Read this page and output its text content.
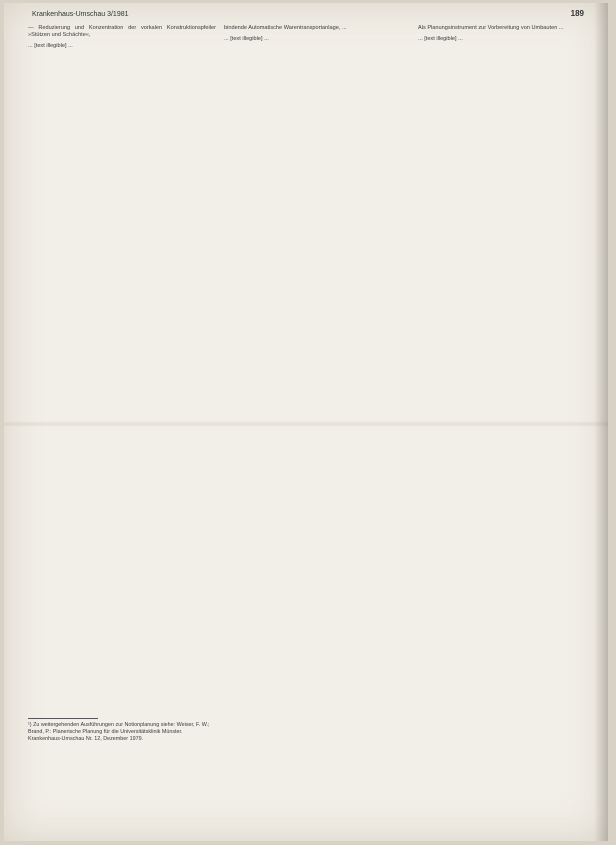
Krankenhaus-Umschau 3/1981	189

— Reduzierung und Konzentration der vorkalen Konstruktionspfeiler »Stützen und Schächte«,

... [text illegible] ...

bindende Automatische Warentransportanlage, ...

... [text illegible] ...

Als Planungsinstrument zur Vorbereitung von Umbauten ...

... [text illegible] ...

¹) Zu weitergehenden Ausführungen zur Notionplanung siehe: Weiser, F. W.; Brand, P.: Planerische Planung für die Universitätsklinik Münster. Krankenhaus-Umschau Nr. 12, Dezember 1979.
